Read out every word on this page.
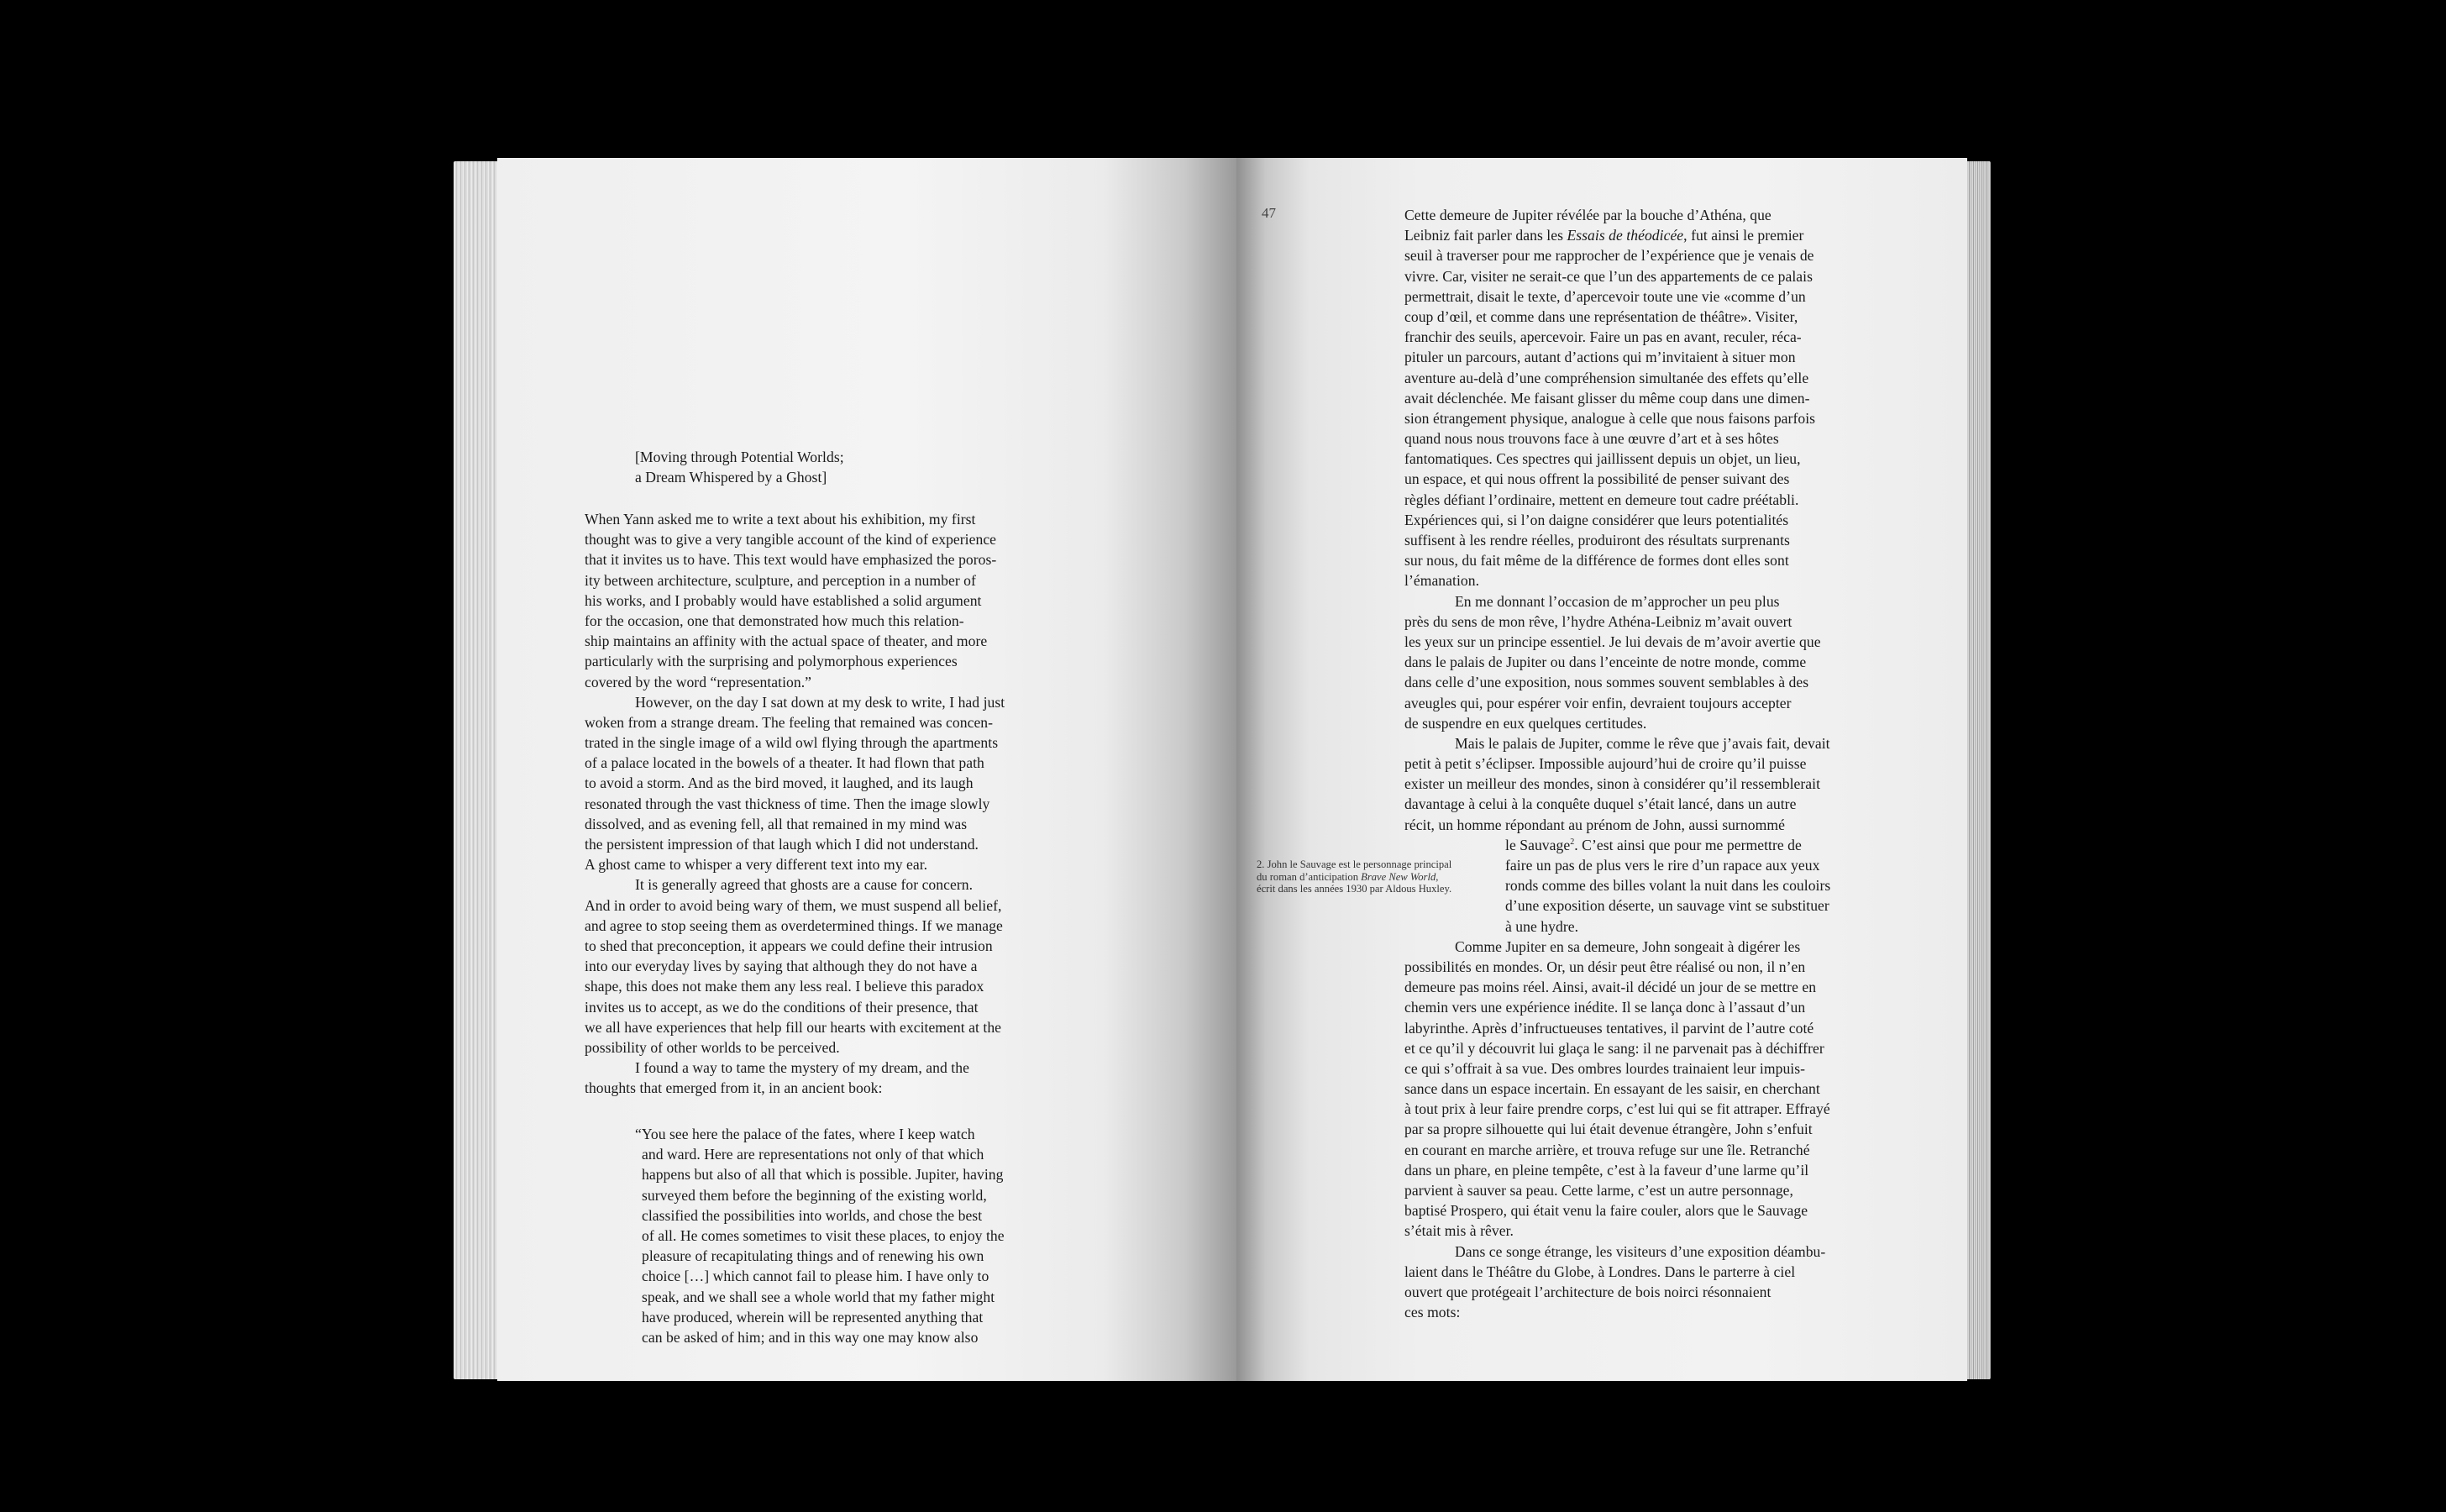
[Moving through Potential Worlds;
a Dream Whispered by a Ghost]
When Yann asked me to write a text about his exhibition, my first
thought was to give a very tangible account of the kind of experience
that it invites us to have. This text would have emphasized the poros-
ity between architecture, sculpture, and perception in a number of
his works, and I probably would have established a solid argument
for the occasion, one that demonstrated how much this relation-
ship maintains an affinity with the actual space of theater, and more
particularly with the surprising and polymorphous experiences
covered by the word “representation.”
However, on the day I sat down at my desk to write, I had just
woken from a strange dream. The feeling that remained was concen-
trated in the single image of a wild owl flying through the apartments
of a palace located in the bowels of a theater. It had flown that path
to avoid a storm. And as the bird moved, it laughed, and its laugh
resonated through the vast thickness of time. Then the image slowly
dissolved, and as evening fell, all that remained in my mind was
the persistent impression of that laugh which I did not understand.
A ghost came to whisper a very different text into my ear.
It is generally agreed that ghosts are a cause for concern.
And in order to avoid being wary of them, we must suspend all belief,
and agree to stop seeing them as overdetermined things. If we manage
to shed that preconception, it appears we could define their intrusion
into our everyday lives by saying that although they do not have a
shape, this does not make them any less real. I believe this paradox
invites us to accept, as we do the conditions of their presence, that
we all have experiences that help fill our hearts with excitement at the
possibility of other worlds to be perceived.
I found a way to tame the mystery of my dream, and the
thoughts that emerged from it, in an ancient book:
“You see here the palace of the fates, where I keep watch
and ward. Here are representations not only of that which
happens but also of all that which is possible. Jupiter, having
surveyed them before the beginning of the existing world,
classified the possibilities into worlds, and chose the best
of all. He comes sometimes to visit these places, to enjoy the
pleasure of recapitulating things and of renewing his own
choice […] which cannot fail to please him. I have only to
speak, and we shall see a whole world that my father might
have produced, wherein will be represented anything that
can be asked of him; and in this way one may know also
47	Cette demeure de Jupiter révélée par la bouche d’Athéna, que
Leibniz fait parler dans les Essais de théodicée, fut ainsi le premier
seuil à traverser pour me rapprocher de l’expérience que je venais de
vivre. Car, visiter ne serait-ce que l’un des appartements de ce palais
permettrait, disait le texte, d’apercevoir toute une vie «comme d’un
coup d’œil, et comme dans une représentation de théâtre». Visiter,
franchir des seuils, apercevoir. Faire un pas en avant, reculer, réca-
pituler un parcours, autant d’actions qui m’invitaient à situer mon
aventure au-delà d’une compréhension simultanée des effets qu’elle
avait déclenchée. Me faisant glisser du même coup dans une dimen-
sion étrangement physique, analogue à celle que nous faisons parfois
quand nous nous trouvons face à une œuvre d’art et à ses hôtes
fantomatiques. Ces spectres qui jaillissent depuis un objet, un lieu,
un espace, et qui nous offrent la possibilité de penser suivant des
règles défiant l’ordinaire, mettent en demeure tout cadre préétabli.
Expériences qui, si l’on daigne considérer que leurs potentialités
suffisent à les rendre réelles, produiront des résultats surprenants
sur nous, du fait même de la différence de formes dont elles sont
l’émanation.
En me donnant l’occasion de m’approcher un peu plus
près du sens de mon rêve, l’hydre Athéna-Leibniz m’avait ouvert
les yeux sur un principe essentiel. Je lui devais de m’avoir avertie que
dans le palais de Jupiter ou dans l’enceinte de notre monde, comme
dans celle d’une exposition, nous sommes souvent semblables à des
aveugles qui, pour espérer voir enfin, devraient toujours accepter
de suspendre en eux quelques certitudes.
Mais le palais de Jupiter, comme le rêve que j’avais fait, devait
petit à petit s’éclipser. Impossible aujourd’hui de croire qu’il puisse
exister un meilleur des mondes, sinon à considérer qu’il ressemblerait
davantage à celui à la conquête duquel s’était lancé, dans un autre
récit, un homme répondant au prénom de John, aussi surnommé
le Sauvage$^2$. C’est ainsi que pour me permettre de
faire un pas de plus vers le rire d’un rapace aux yeux
ronds comme des billes volant la nuit dans les couloirs
d’une exposition déserte, un sauvage vint se substituer
à une hydre.
Comme Jupiter en sa demeure, John songeait à digérer les
possibilités en mondes. Or, un désir peut être réalisé ou non, il n’en
demeure pas moins réel. Ainsi, avait-il décidé un jour de se mettre en
chemin vers une expérience inédite. Il se lança donc à l’assaut d’un
labyrinthe. Après d’infructueuses tentatives, il parvint de l’autre coté
et ce qu’il y découvrit lui glaça le sang: il ne parvenait pas à déchiffrer
ce qui s’offrait à sa vue. Des ombres lourdes trainaient leur impuis-
sance dans un espace incertain. En essayant de les saisir, en cherchant
à tout prix à leur faire prendre corps, c’est lui qui se fit attraper. Effrayé
par sa propre silhouette qui lui était devenue étrangère, John s’enfuit
en courant en marche arrière, et trouva refuge sur une île. Retranché
dans un phare, en pleine tempête, c’est à la faveur d’une larme qu’il
parvient à sauver sa peau. Cette larme, c’est un autre personnage,
baptisé Prospero, qui était venu la faire couler, alors que le Sauvage
s’était mis à rêver.
Dans ce songe étrange, les visiteurs d’une exposition déambu-
laient dans le Théâtre du Globe, à Londres. Dans le parterre à ciel
ouvert que protégeait l’architecture de bois noirci résonnaient
ces mots:
2. John le Sauvage est le personnage principal
du roman d’anticipation Brave New World,
écrit dans les années 1930 par Aldous Huxley.
